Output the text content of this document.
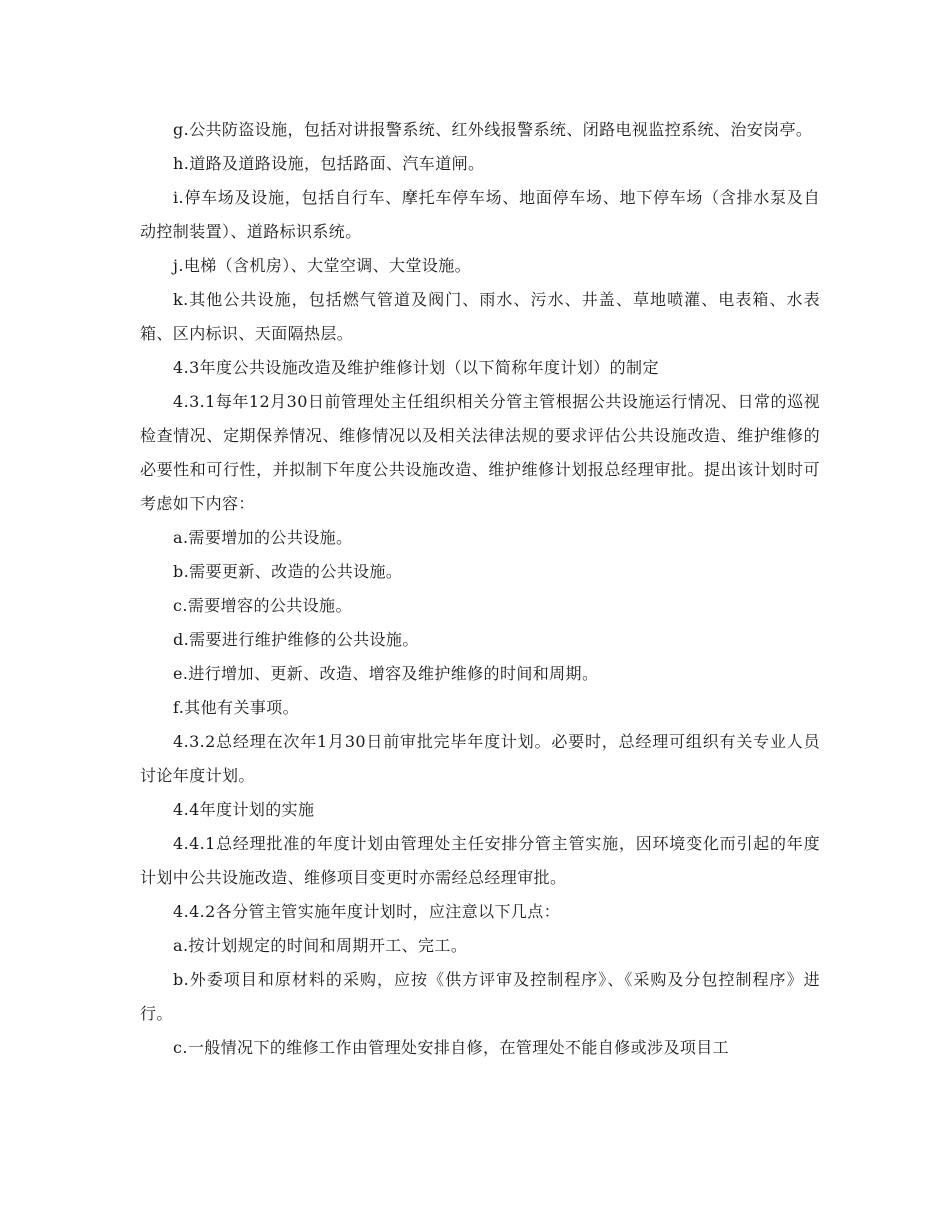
g.公共防盗设施，包括对讲报警系统、红外线报警系统、闭路电视监控系统、治安岗亭。

h.道路及道路设施，包括路面、汽车道闸。

i.停车场及设施，包括自行车、摩托车停车场、地面停车场、地下停车场（含排水泵及自动控制装置）、道路标识系统。

j.电梯（含机房）、大堂空调、大堂设施。

k.其他公共设施，包括燃气管道及阀门、雨水、污水、井盖、草地喷灌、电表箱、水表箱、区内标识、天面隔热层。

4.3年度公共设施改造及维护维修计划（以下简称年度计划）的制定

4.3.1每年12月30日前管理处主任组织相关分管主管根据公共设施运行情况、日常的巡视检查情况、定期保养情况、维修情况以及相关法律法规的要求评估公共设施改造、维护维修的必要性和可行性，并拟制下年度公共设施改造、维护维修计划报总经理审批。提出该计划时可考虑如下内容：

a.需要增加的公共设施。

b.需要更新、改造的公共设施。

c.需要增容的公共设施。

d.需要进行维护维修的公共设施。

e.进行增加、更新、改造、增容及维护维修的时间和周期。

f.其他有关事项。

4.3.2总经理在次年1月30日前审批完毕年度计划。必要时，总经理可组织有关专业人员讨论年度计划。

4.4年度计划的实施

4.4.1总经理批准的年度计划由管理处主任安排分管主管实施，因环境变化而引起的年度计划中公共设施改造、维修项目变更时亦需经总经理审批。

4.4.2各分管主管实施年度计划时，应注意以下几点：

a.按计划规定的时间和周期开工、完工。

b.外委项目和原材料的采购，应按《供方评审及控制程序》、《采购及分包控制程序》进行。

c.一般情况下的维修工作由管理处安排自修，在管理处不能自修或涉及项目工
